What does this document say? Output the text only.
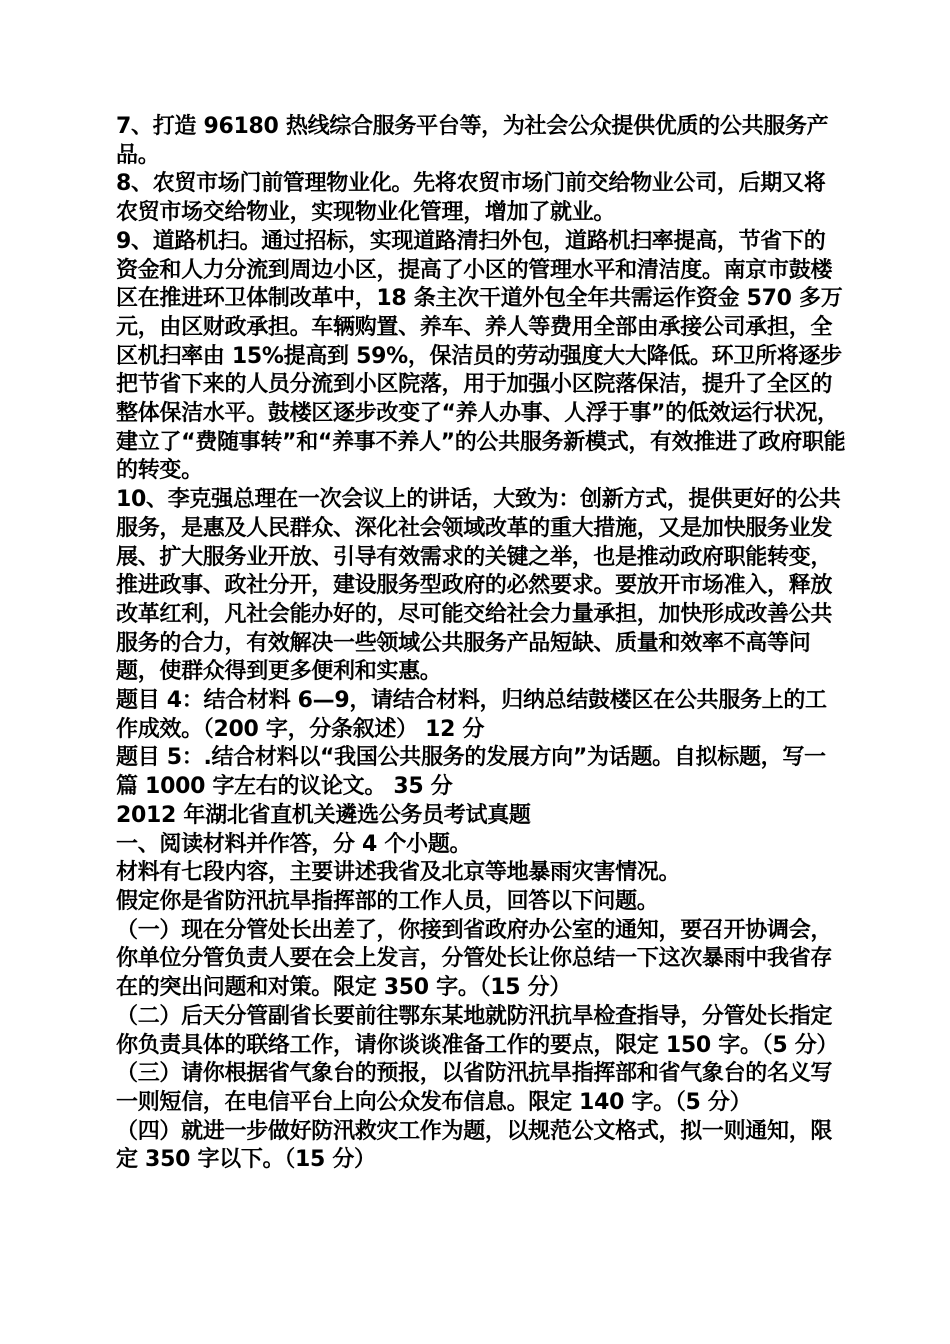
7、打造 96180 热线综合服务平台等，为社会公众提供优质的公共服务产品。

8、农贸市场门前管理物业化。先将农贸市场门前交给物业公司，后期又将农贸市场交给物业，实现物业化管理，增加了就业。

9、道路机扫。通过招标，实现道路清扫外包，道路机扫率提高，节省下的资金和人力分流到周边小区，提高了小区的管理水平和清洁度。南京市鼓楼区在推进环卫体制改革中，18 条主次干道外包全年共需运作资金 570 多万元，由区财政承担。车辆购置、养车、养人等费用全部由承接公司承担，全区机扫率由 15%提高到 59%，保洁员的劳动强度大大降低。环卫所将逐步把节省下来的人员分流到小区院落，用于加强小区院落保洁，提升了全区的整体保洁水平。鼓楼区逐步改变了“养人办事、人浮于事”的低效运行状况，建立了“费随事转”和“养事不养人”的公共服务新模式，有效推进了政府职能的转变。

10、李克强总理在一次会议上的讲话，大致为：创新方式，提供更好的公共服务，是惠及人民群众、深化社会领域改革的重大措施，又是加快服务业发展、扩大服务业开放、引导有效需求的关键之举，也是推动政府职能转变，推进政事、政社分开，建设服务型政府的必然要求。要放开市场准入，释放改革红利，凡社会能办好的，尽可能交给社会力量承担，加快形成改善公共服务的合力，有效解决一些领域公共服务产品短缺、质量和效率不高等问题，使群众得到更多便利和实惠。

题目 4：结合材料 6—9，请结合材料，归纳总结鼓楼区在公共服务上的工作成效。（200 字，分条叙述） 12 分

题目 5：.结合材料以“我国公共服务的发展方向”为话题。自拟标题，写一篇 1000 字左右的议论文。 35 分

2012 年湖北省直机关遴选公务员考试真题

一、阅读材料并作答，分 4 个小题。

材料有七段内容，主要讲述我省及北京等地暴雨灾害情况。

假定你是省防汛抗旱指挥部的工作人员，回答以下问题。

（一）现在分管处长出差了，你接到省政府办公室的通知，要召开协调会，你单位分管负责人要在会上发言，分管处长让你总结一下这次暴雨中我省存在的突出问题和对策。限定 350 字。（15 分）

（二）后天分管副省长要前往鄂东某地就防汛抗旱检查指导，分管处长指定你负责具体的联络工作，请你谈谈准备工作的要点，限定 150 字。（5 分）

（三）请你根据省气象台的预报，以省防汛抗旱指挥部和省气象台的名义写一则短信，在电信平台上向公众发布信息。限定 140 字。（5 分）

（四）就进一步做好防汛救灾工作为题，以规范公文格式，拟一则通知，限定 350 字以下。（15 分）
